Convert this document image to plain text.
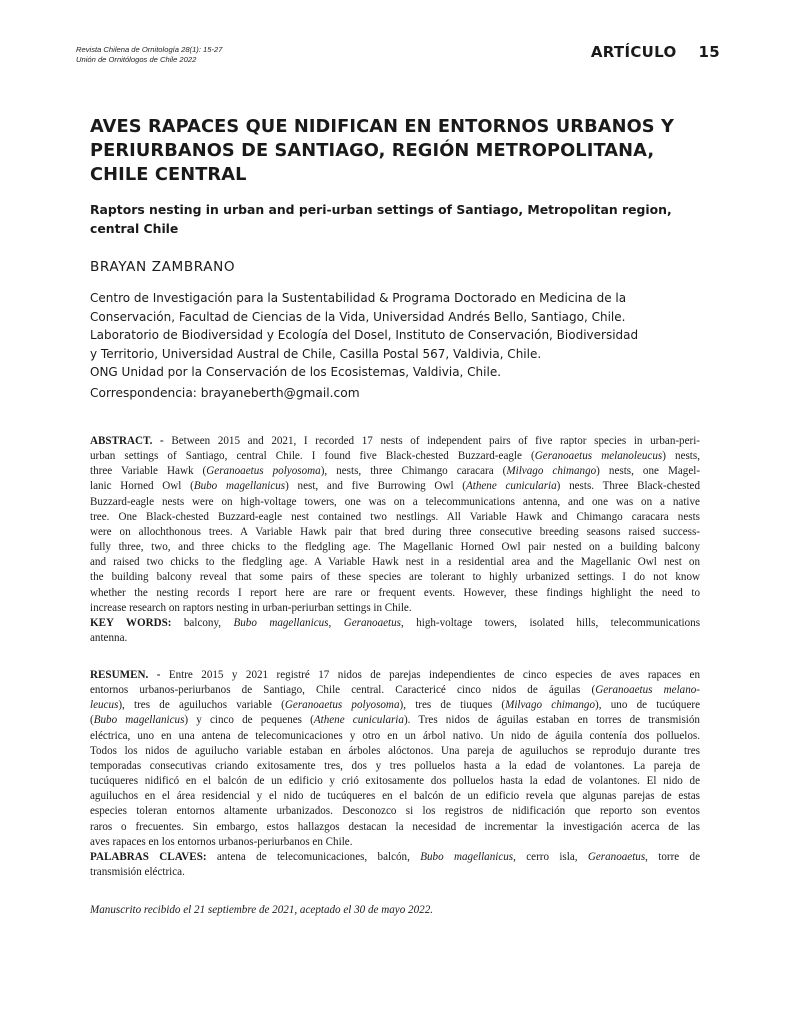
Revista Chilena de Ornitología 28(1): 15-27
Unión de Ornitólogos de Chile 2022	ARTÍCULO 15
AVES RAPACES QUE NIDIFICAN EN ENTORNOS URBANOS Y
PERIURBANOS DE SANTIAGO, REGIÓN METROPOLITANA,
CHILE CENTRAL
Raptors nesting in urban and peri-urban settings of Santiago, Metropolitan region,
central Chile
BRAYAN ZAMBRANO
Centro de Investigación para la Sustentabilidad & Programa Doctorado en Medicina de la
Conservación, Facultad de Ciencias de la Vida, Universidad Andrés Bello, Santiago, Chile.
Laboratorio de Biodiversidad y Ecología del Dosel, Instituto de Conservación, Biodiversidad
y Territorio, Universidad Austral de Chile, Casilla Postal 567, Valdivia, Chile.
ONG Unidad por la Conservación de los Ecosistemas, Valdivia, Chile.
Correspondencia: brayaneberth@gmail.com
ABSTRACT. - Between 2015 and 2021, I recorded 17 nests of independent pairs of five raptor species in urban-peri-
urban settings of Santiago, central Chile. I found five Black-chested Buzzard-eagle (Geranoaetus melanoleucus) nests,
three Variable Hawk (Geranoaetus polyosoma), nests, three Chimango caracara (Milvago chimango) nests, one Magel-
lanic Horned Owl (Bubo magellanicus) nest, and five Burrowing Owl (Athene cunicularia) nests. Three Black-chested
Buzzard-eagle nests were on high-voltage towers, one was on a telecommunications antenna, and one was on a native
tree. One Black-chested Buzzard-eagle nest contained two nestlings. All Variable Hawk and Chimango caracara nests
were on allochthonous trees. A Variable Hawk pair that bred during three consecutive breeding seasons raised success-
fully three, two, and three chicks to the fledgling age. The Magellanic Horned Owl pair nested on a building balcony
and raised two chicks to the fledgling age. A Variable Hawk nest in a residential area and the Magellanic Owl nest on
the building balcony reveal that some pairs of these species are tolerant to highly urbanized settings. I do not know
whether the nesting records I report here are rare or frequent events. However, these findings highlight the need to
increase research on raptors nesting in urban-periurban settings in Chile.
KEY WORDS: balcony, Bubo magellanicus, Geranoaetus, high-voltage towers, isolated hills, telecommunications
antenna.
RESUMEN. - Entre 2015 y 2021 registré 17 nidos de parejas independientes de cinco especies de aves rapaces en
entornos urbanos-periurbanos de Santiago, Chile central. Caractericé cinco nidos de águilas (Geranoaetus melano-
leucus), tres de aguiluchos variable (Geranoaetus polyosoma), tres de tiuques (Milvago chimango), uno de tucúquere
(Bubo magellanicus) y cinco de pequenes (Athene cunicularia). Tres nidos de águilas estaban en torres de transmisión
eléctrica, uno en una antena de telecomunicaciones y otro en un árbol nativo. Un nido de águila contenía dos polluelos.
Todos los nidos de aguilucho variable estaban en árboles alóctonos. Una pareja de aguiluchos se reprodujo durante tres
temporadas consecutivas criando exitosamente tres, dos y tres polluelos hasta a la edad de volantones. La pareja de
tucúqueres nidificó en el balcón de un edificio y crió exitosamente dos polluelos hasta la edad de volantones. El nido de
aguiluchos en el área residencial y el nido de tucúqueres en el balcón de un edificio revela que algunas parejas de estas
especies toleran entornos altamente urbanizados. Desconozco si los registros de nidificación que reporto son eventos
raros o frecuentes. Sin embargo, estos hallazgos destacan la necesidad de incrementar la investigación acerca de las
aves rapaces en los entornos urbanos-periurbanos en Chile.
PALABRAS CLAVES: antena de telecomunicaciones, balcón, Bubo magellanicus, cerro isla, Geranoaetus, torre de
transmisión eléctrica.
Manuscrito recibido el 21 septiembre de 2021, aceptado el 30 de mayo 2022.
